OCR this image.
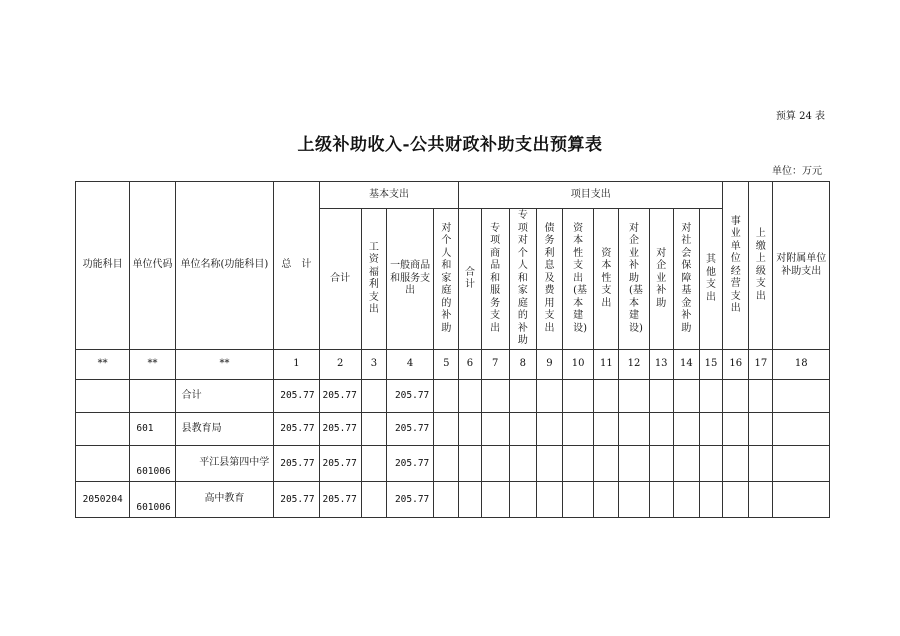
预算 24 表
上级补助收入-公共财政补助支出预算表
单位：万元
功能科目	单位代码	单位名称(功能科目)	总　计	基本支出				项目支出										事业单位经营支出	上缴上级支出	对附属单位补助支出
				合计	工资福利支出	一般商品和服务支出	对个人和家庭的补助	合计	专项商品和服务支出	专项对个人和家庭的补助	债务利息及费用支出	资本性支出(基本建设)	资本性支出	对企业补助(基本建设)	对企业补助	对社会保障基金补助	其他支出			
**	**	**	1	2	3	4	5	6	7	8	9	10	11	12	13	14	15	16	17	18
		合计	205.77	205.77		205.77														
	601	县教育局	205.77	205.77		205.77														
	601006	平江县第四中学	205.77	205.77		205.77														
2050204	601006	高中教育	205.77	205.77		205.77														
